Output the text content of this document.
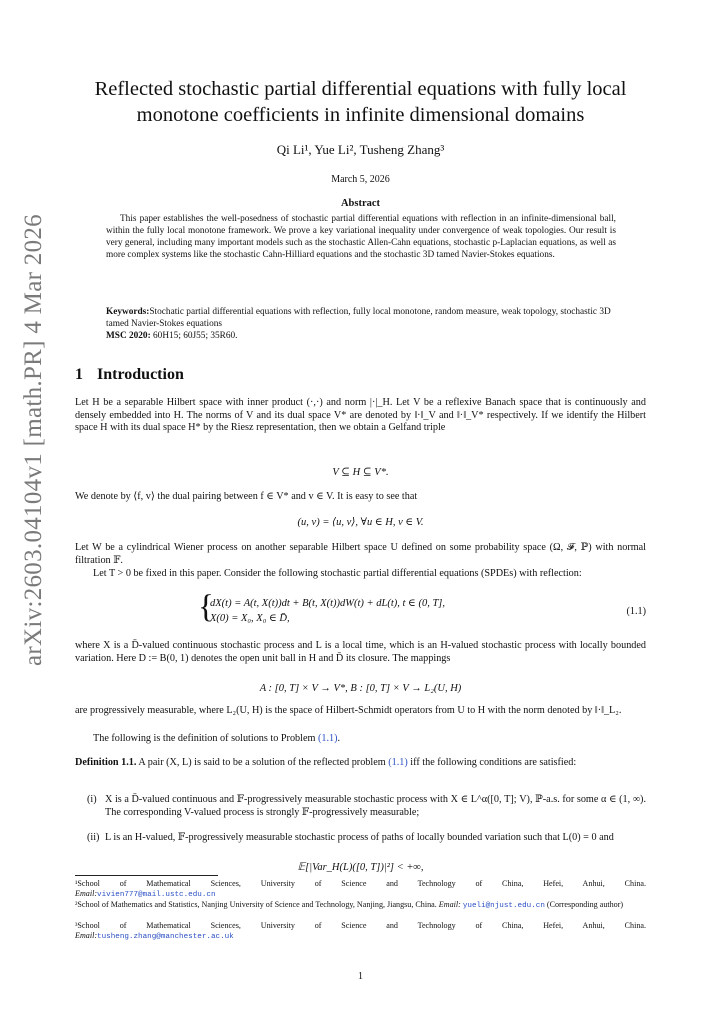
arXiv:2603.04104v1 [math.PR] 4 Mar 2026
Reflected stochastic partial differential equations with fully local
monotone coefficients in infinite dimensional domains
Qi Li¹, Yue Li², Tusheng Zhang³
March 5, 2026
Abstract
This paper establishes the well-posedness of stochastic partial differential equations with reflection in an infinite-dimensional ball, within the fully local monotone framework. We prove a key variational inequality under convergence of weak topologies. Our result is very general, including many important models such as the stochastic Allen-Cahn equations, stochastic p-Laplacian equations, as well as more complex systems like the stochastic Cahn-Hilliard equations and the stochastic 3D tamed Navier-Stokes equations.
Keywords:Stochatic partial differential equations with reflection, fully local monotone, random measure, weak topology, stochastic 3D tamed Navier-Stokes equations
MSC 2020: 60H15; 60J55; 35R60.
1 Introduction
Let H be a separable Hilbert space with inner product (·,·) and norm |·|_H. Let V be a reflexive Banach space that is continuously and densely embedded into H. The norms of V and its dual space V* are denoted by ‖·‖_V and ‖·‖_V* respectively. If we identify the Hilbert space H with its dual space H* by the Riesz representation, then we obtain a Gelfand triple
V ⊆ H ⊆ V*.
We denote by ⟨f, v⟩ the dual pairing between f ∈ V* and v ∈ V. It is easy to see that
(u, v) = ⟨u, v⟩, ∀u ∈ H, v ∈ V.
Let W be a cylindrical Wiener process on another separable Hilbert space U defined on some probability space (Ω, 𝓕, ℙ) with normal filtration 𝔽.
Let T > 0 be fixed in this paper. Consider the following stochastic partial differential equations (SPDEs) with reflection:
{
dX(t) = A(t, X(t))dt + B(t, X(t))dW(t) + dL(t), t ∈ (0, T],
X(0) = X₀, X₀ ∈ D̄,
(1.1)
where X is a D̄-valued continuous stochastic process and L is a local time, which is an H-valued stochastic process with locally bounded variation. Here D := B(0, 1) denotes the open unit ball in H and D̄ its closure. The mappings
A : [0, T] × V → V*, B : [0, T] × V → L₂(U, H)
are progressively measurable, where L₂(U, H) is the space of Hilbert-Schmidt operators from U to H with the norm denoted by ‖·‖_L₂.
The following is the definition of solutions to Problem (1.1).
Definition 1.1. A pair (X, L) is said to be a solution of the reflected problem (1.1) iff the following conditions are satisfied:
(i) X is a D̄-valued continuous and 𝔽-progressively measurable stochastic process with X ∈ L^α([0, T]; V), ℙ-a.s. for some α ∈ (1, ∞). The corresponding V-valued process is strongly 𝔽-progressively measurable;
(ii) L is an H-valued, 𝔽-progressively measurable stochastic process of paths of locally bounded variation such that L(0) = 0 and
𝔼[|Var_H(L)([0, T])|²] < +∞,
¹School of Mathematical Sciences, University of Science and Technology of China, Hefei, Anhui, China.
Email:vivien777@mail.ustc.edu.cn
²School of Mathematics and Statistics, Nanjing University of Science and Technology, Nanjing, Jiangsu, China. Email: yueli@njust.edu.cn (Corresponding author)
³School of Mathematical Sciences, University of Science and Technology of China, Hefei, Anhui, China.
Email:tusheng.zhang@manchester.ac.uk
1
